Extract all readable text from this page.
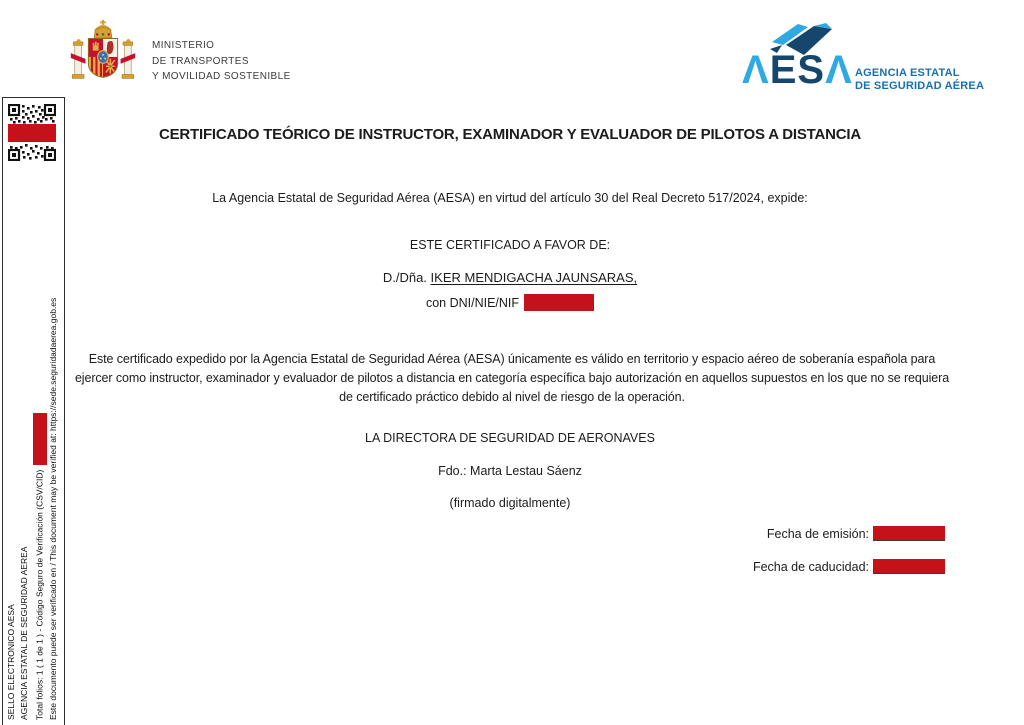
MINISTERIO
DE TRANSPORTES
Y MOVILIDAD SOSTENIBLE	ΛESΛ AGENCIA ESTATAL
DE SEGURIDAD AÉREA
SELLO ELECTRONICO AESA AGENCIA ESTATAL DE SEGURIDAD AEREA Total folios: 1 ( 1 de 1 ) - Código Seguro de Verificación (CSV/CID) Este documento puede ser verificado en / This document may be verified at: https://sede.seguridadaerea.gob.es
CERTIFICADO TEÓRICO DE INSTRUCTOR, EXAMINADOR Y EVALUADOR DE PILOTOS A DISTANCIA
La Agencia Estatal de Seguridad Aérea (AESA) en virtud del artículo 30 del Real Decreto 517/2024, expide:
ESTE CERTIFICADO A FAVOR DE:
D./Dña. IKER MENDIGACHA JAUNSARAS,
con DNI/NIE/NIF
Este certificado expedido por la Agencia Estatal de Seguridad Aérea (AESA) únicamente es válido en territorio y espacio aéreo de soberanía española para ejercer como instructor, examinador y evaluador de pilotos a distancia en categoría específica bajo autorización en aquellos supuestos en los que no se requiera de certificado práctico debido al nivel de riesgo de la operación.
LA DIRECTORA DE SEGURIDAD DE AERONAVES
Fdo.: Marta Lestau Sáenz
(firmado digitalmente)
Fecha de emisión:
Fecha de caducidad:
